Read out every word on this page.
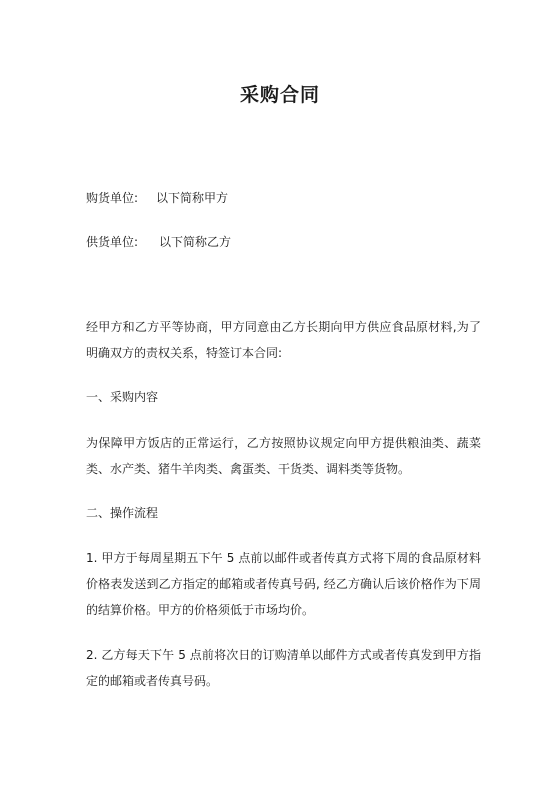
采购合同
购货单位: 以下简称甲方
供货单位: 以下简称乙方

经甲方和乙方平等协商，甲方同意由乙方长期向甲方供应食品原材料,为了明确双方的责权关系，特签订本合同:

一、采购内容

为保障甲方饭店的正常运行，乙方按照协议规定向甲方提供粮油类、蔬菜类、水产类、猪牛羊肉类、禽蛋类、干货类、调料类等货物。

二、操作流程

1. 甲方于每周星期五下午 5 点前以邮件或者传真方式将下周的食品原材料价格表发送到乙方指定的邮箱或者传真号码, 经乙方确认后该价格作为下周的结算价格。甲方的价格须低于市场均价。

2. 乙方每天下午 5 点前将次日的订购清单以邮件方式或者传真发到甲方指定的邮箱或者传真号码。
